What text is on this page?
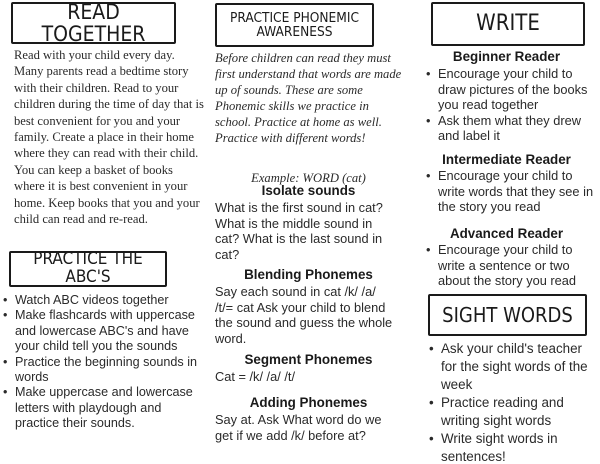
READ TOGETHER

Read with your child every day. Many parents read a bedtime story with their children. Read to your children during the time of day that is best convenient for you and your family. Create a place in their home where they can read with their child. You can keep a basket of books where it is best convenient in your home. Keep books that you and your child can read and re-read.

PRACTICE THE ABC'S
• Watch ABC videos together
• Make flashcards with uppercase and lowercase ABC's and have your child tell you the sounds
• Practice the beginning sounds in words
• Make uppercase and lowercase letters with playdough and practice their sounds.
PRACTICE PHONEMIC
AWARENESS

Before children can read they must first understand that words are made up of sounds. These are some Phonemic skills we practice in school. Practice at home as well. Practice with different words!

Example: WORD (cat)

Isolate sounds

What is the first sound in cat? What is the middle sound in cat? What is the last sound in cat?

Blending Phonemes

Say each sound in cat /k/ /a/ /t/= cat Ask your child to blend the sound and guess the whole word.

Segment Phonemes

Cat = /k/ /a/ /t/

Adding Phonemes

Say at. Ask What word do we get if we add /k/ before at?

WRITE
Beginner Reader
• Encourage your child to draw pictures of the books you read together
• Ask them what they drew and label it
Intermediate Reader
• Encourage your child to write words that they see in the story you read
Advanced Reader
• Encourage your child to write a sentence or two about the story you read
SIGHT WORDS
• Ask your child's teacher for the sight words of the week
• Practice reading and writing sight words
• Write sight words in sentences!
